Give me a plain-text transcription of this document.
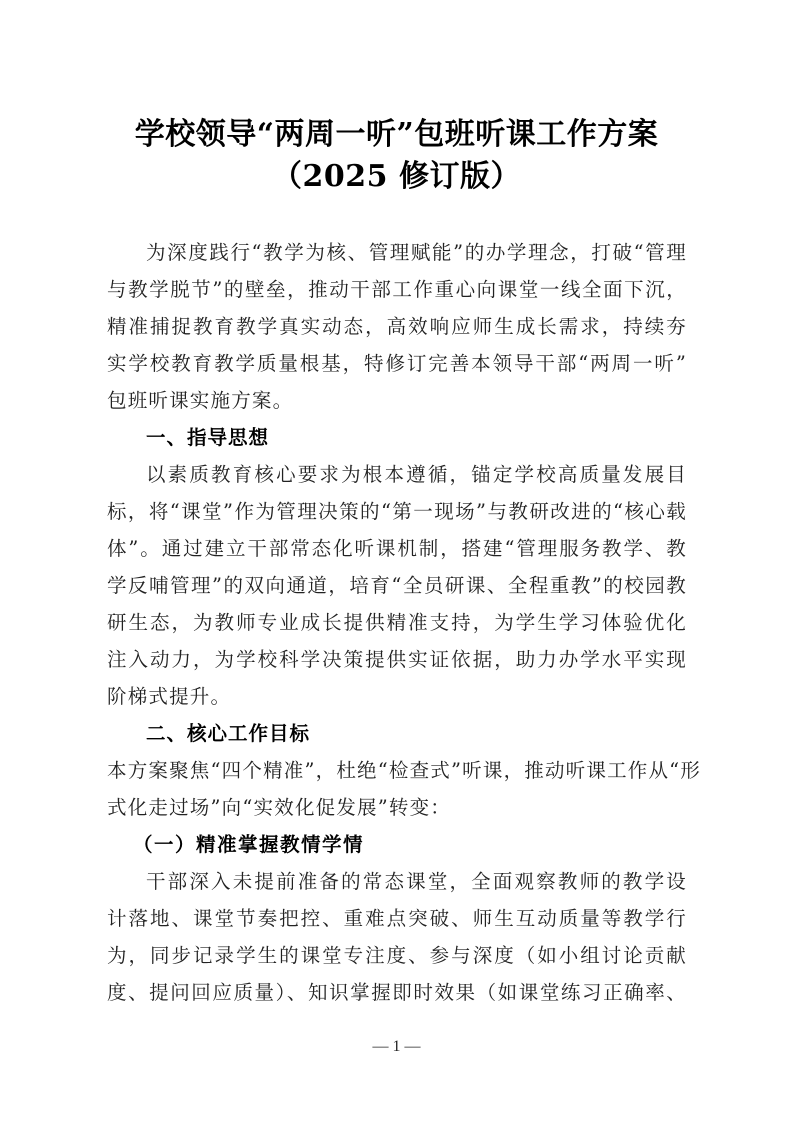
学校领导“两周一听”包班听课工作方案
（2025 修订版）
为深度践行“教学为核、管理赋能”的办学理念，打破“管理
与教学脱节”的壁垒，推动干部工作重心向课堂一线全面下沉，
精准捕捉教育教学真实动态，高效响应师生成长需求，持续夯
实学校教育教学质量根基，特修订完善本领导干部“两周一听”
包班听课实施方案。
一、指导思想
以素质教育核心要求为根本遵循，锚定学校高质量发展目
标，将“课堂”作为管理决策的“第一现场”与教研改进的“核心载
体”。通过建立干部常态化听课机制，搭建“管理服务教学、教
学反哺管理”的双向通道，培育“全员研课、全程重教”的校园教
研生态，为教师专业成长提供精准支持，为学生学习体验优化
注入动力，为学校科学决策提供实证依据，助力办学水平实现
阶梯式提升。
二、核心工作目标
本方案聚焦“四个精准”，杜绝“检查式”听课，推动听课工作从“形
式化走过场”向“实效化促发展”转变：
（一）精准掌握教情学情
干部深入未提前准备的常态课堂，全面观察教师的教学设
计落地、课堂节奏把控、重难点突破、师生互动质量等教学行
为，同步记录学生的课堂专注度、参与深度（如小组讨论贡献
度、提问回应质量）、知识掌握即时效果（如课堂练习正确率、
— 1 —
